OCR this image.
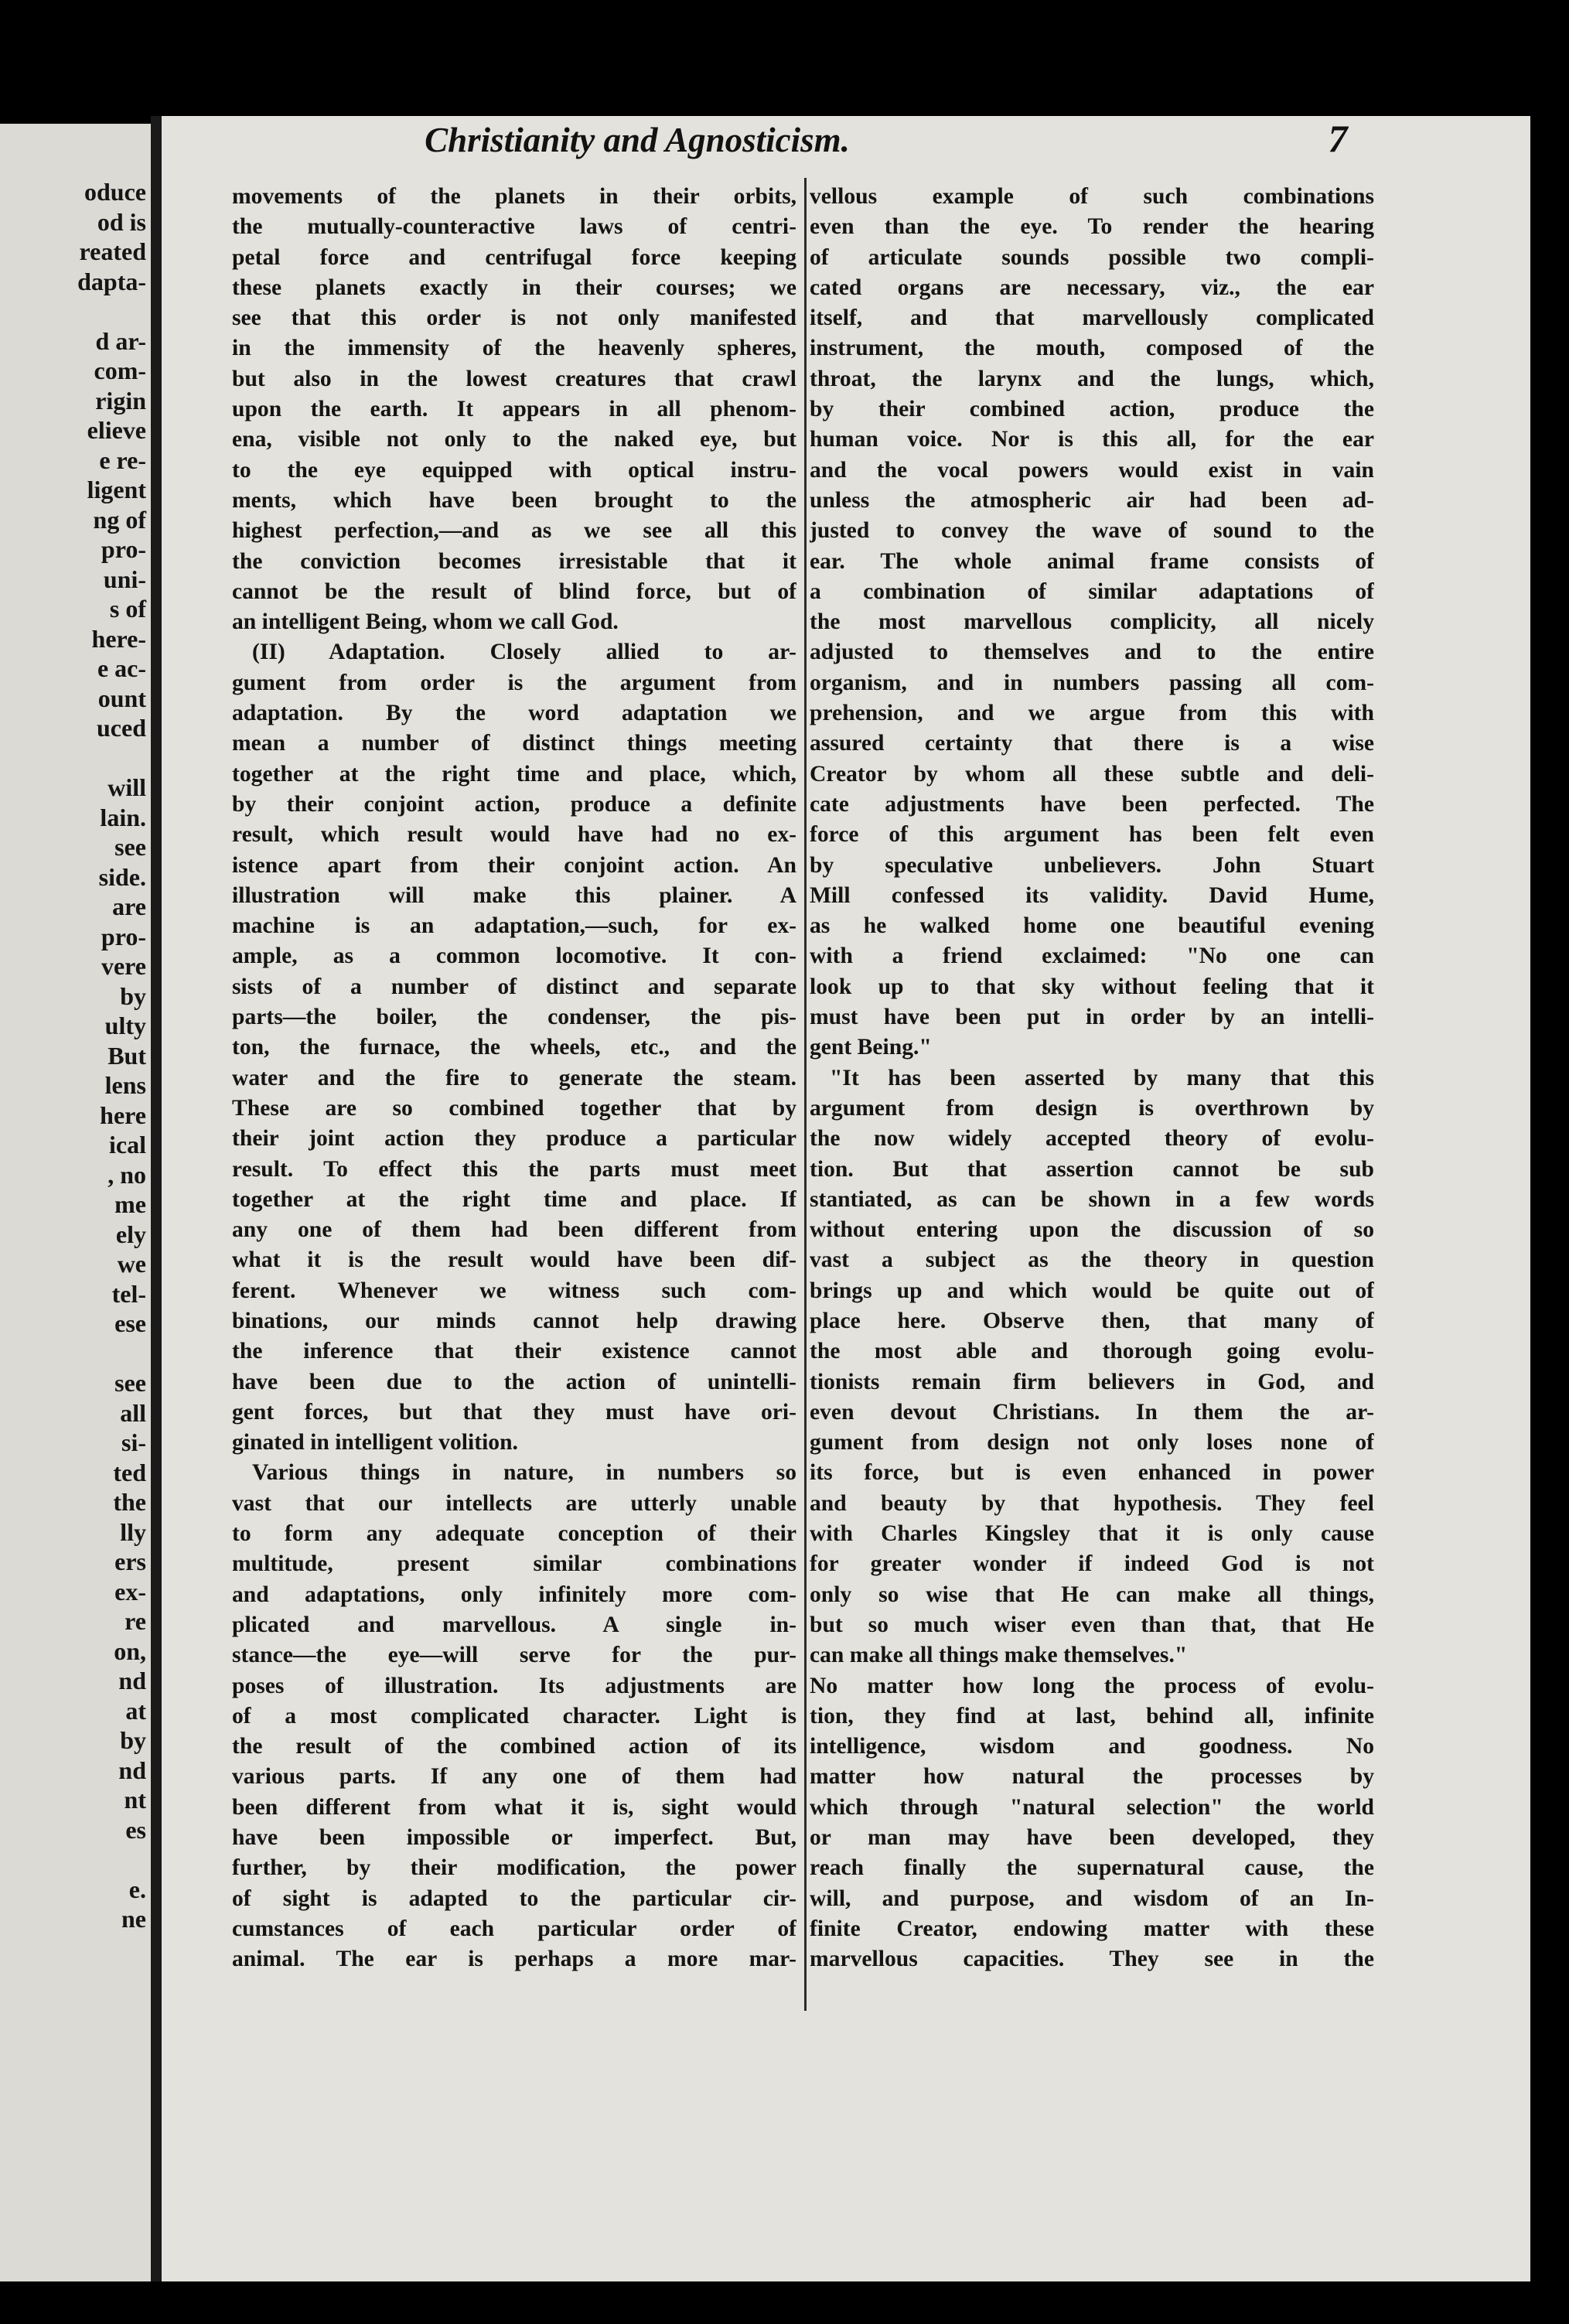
oduce
od is
reated
dapta-
d ar-
com-
rigin
elieve
e re-
ligent
ng of
pro-
uni-
s of
here-
e ac-
ount
uced
will
lain.
see
side.
are
pro-
vere
by
ulty
But
lens
here
ical
, no
me
ely
we
tel-
ese
see
all
si-
ted
the
lly
ers
ex-
re
on,
nd
at
by
nd
nt
es
e.
ne
Christianity and Agnosticism.	7
movements of the planets in their orbits,
the mutually-counteractive laws of centri-
petal force and centrifugal force keeping
these planets exactly in their courses; we
see that this order is not only manifested
in the immensity of the heavenly spheres,
but also in the lowest creatures that crawl
upon the earth. It appears in all phenom-
ena, visible not only to the naked eye, but
to the eye equipped with optical instru-
ments, which have been brought to the
highest perfection,—and as we see all this
the conviction becomes irresistable that it
cannot be the result of blind force, but of
an intelligent Being, whom we call God.
(II) Adaptation. Closely allied to ar-
gument from order is the argument from
adaptation. By the word adaptation we
mean a number of distinct things meeting
together at the right time and place, which,
by their conjoint action, produce a definite
result, which result would have had no ex-
istence apart from their conjoint action. An
illustration will make this plainer. A
machine is an adaptation,—such, for ex-
ample, as a common locomotive. It con-
sists of a number of distinct and separate
parts—the boiler, the condenser, the pis-
ton, the furnace, the wheels, etc., and the
water and the fire to generate the steam.
These are so combined together that by
their joint action they produce a particular
result. To effect this the parts must meet
together at the right time and place. If
any one of them had been different from
what it is the result would have been dif-
ferent. Whenever we witness such com-
binations, our minds cannot help drawing
the inference that their existence cannot
have been due to the action of unintelli-
gent forces, but that they must have ori-
ginated in intelligent volition.
Various things in nature, in numbers so
vast that our intellects are utterly unable
to form any adequate conception of their
multitude, present similar combinations
and adaptations, only infinitely more com-
plicated and marvellous. A single in-
stance—the eye—will serve for the pur-
poses of illustration. Its adjustments are
of a most complicated character. Light is
the result of the combined action of its
various parts. If any one of them had
been different from what it is, sight would
have been impossible or imperfect. But,
further, by their modification, the power
of sight is adapted to the particular cir-
cumstances of each particular order of
animal. The ear is perhaps a more mar-
vellous example of such combinations
even than the eye. To render the hearing
of articulate sounds possible two compli-
cated organs are necessary, viz., the ear
itself, and that marvellously complicated
instrument, the mouth, composed of the
throat, the larynx and the lungs, which,
by their combined action, produce the
human voice. Nor is this all, for the ear
and the vocal powers would exist in vain
unless the atmospheric air had been ad-
justed to convey the wave of sound to the
ear. The whole animal frame consists of
a combination of similar adaptations of
the most marvellous complicity, all nicely
adjusted to themselves and to the entire
organism, and in numbers passing all com-
prehension, and we argue from this with
assured certainty that there is a wise
Creator by whom all these subtle and deli-
cate adjustments have been perfected. The
force of this argument has been felt even
by speculative unbelievers. John Stuart
Mill confessed its validity. David Hume,
as he walked home one beautiful evening
with a friend exclaimed: "No one can
look up to that sky without feeling that it
must have been put in order by an intelli-
gent Being."
"It has been asserted by many that this
argument from design is overthrown by
the now widely accepted theory of evolu-
tion. But that assertion cannot be sub
stantiated, as can be shown in a few words
without entering upon the discussion of so
vast a subject as the theory in question
brings up and which would be quite out of
place here. Observe then, that many of
the most able and thorough going evolu-
tionists remain firm believers in God, and
even devout Christians. In them the ar-
gument from design not only loses none of
its force, but is even enhanced in power
and beauty by that hypothesis. They feel
with Charles Kingsley that it is only cause
for greater wonder if indeed God is not
only so wise that He can make all things,
but so much wiser even than that, that He
can make all things make themselves."
No matter how long the process of evolu-
tion, they find at last, behind all, infinite
intelligence, wisdom and goodness. No
matter how natural the processes by
which through "natural selection" the world
or man may have been developed, they
reach finally the supernatural cause, the
will, and purpose, and wisdom of an In-
finite Creator, endowing matter with these
marvellous capacities. They see in the
